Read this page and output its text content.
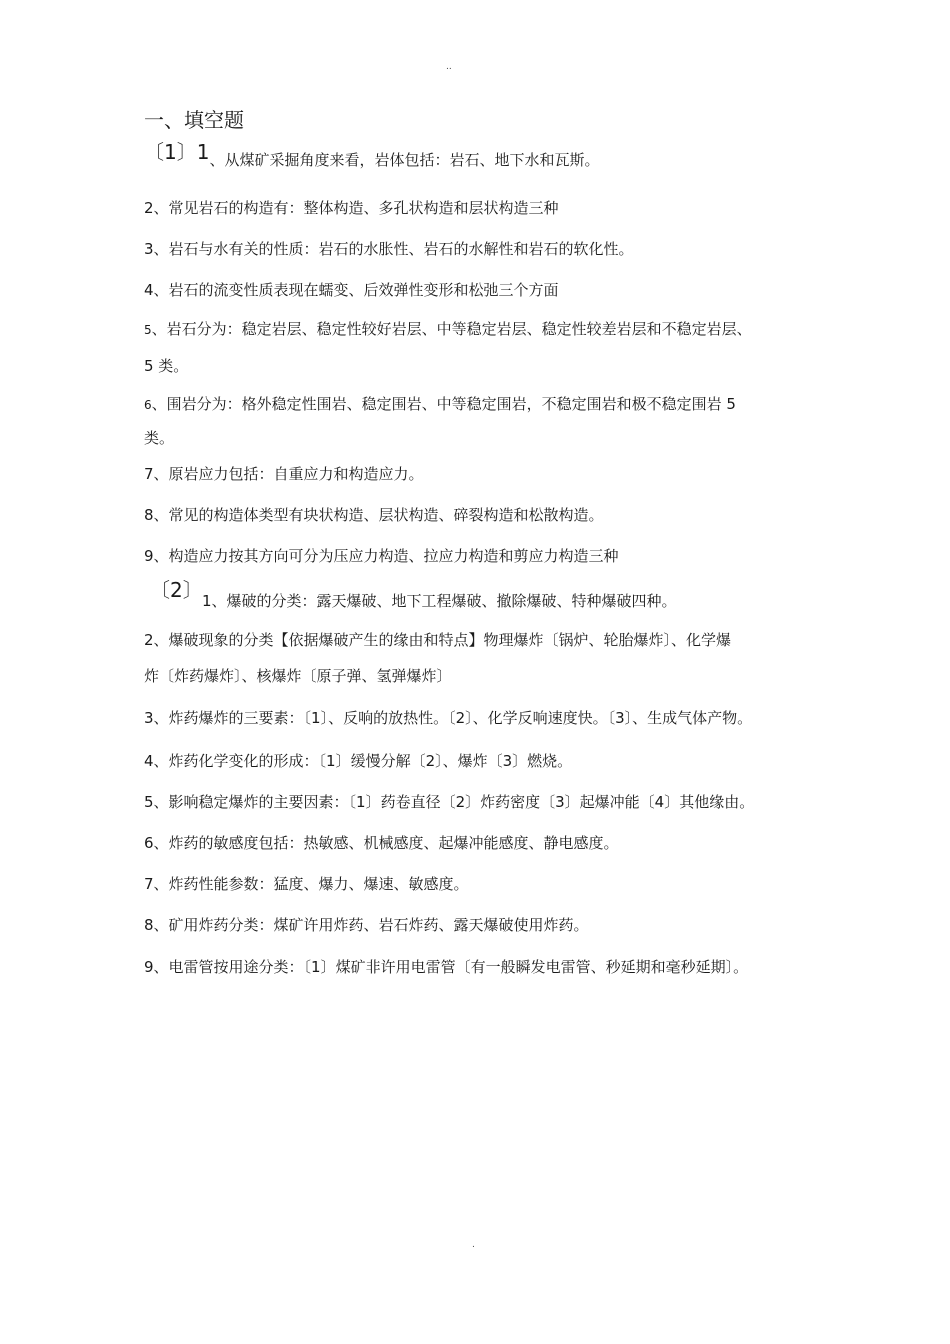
..
一、填空题
〔1〕1、从煤矿采掘角度来看，岩体包括：岩石、地下水和瓦斯。
2、常见岩石的构造有：整体构造、多孔状构造和层状构造三种
3、岩石与水有关的性质：岩石的水胀性、岩石的水解性和岩石的软化性。
4、岩石的流变性质表现在蠕变、后效弹性变形和松弛三个方面
5、岩石分为：稳定岩层、稳定性较好岩层、中等稳定岩层、稳定性较差岩层和不稳定岩层、
5 类。
6、围岩分为：格外稳定性围岩、稳定围岩、中等稳定围岩，不稳定围岩和极不稳定围岩 5
类。
7、原岩应力包括：自重应力和构造应力。
8、常见的构造体类型有块状构造、层状构造、碎裂构造和松散构造。
9、构造应力按其方向可分为压应力构造、拉应力构造和剪应力构造三种
〔2〕 1、爆破的分类：露天爆破、地下工程爆破、撤除爆破、特种爆破四种。
2、爆破现象的分类【依据爆破产生的缘由和特点】物理爆炸〔锅炉、轮胎爆炸〕、化学爆
炸〔炸药爆炸〕、核爆炸〔原子弹、氢弹爆炸〕
3、炸药爆炸的三要素：〔1〕、反响的放热性。〔2〕、化学反响速度快。〔3〕、生成气体产物。
4、炸药化学变化的形成：〔1〕缓慢分解〔2〕、爆炸〔3〕燃烧。
5、影响稳定爆炸的主要因素：〔1〕药卷直径〔2〕炸药密度〔3〕起爆冲能〔4〕其他缘由。
6、炸药的敏感度包括：热敏感、机械感度、起爆冲能感度、静电感度。
7、炸药性能参数：猛度、爆力、爆速、敏感度。
8、矿用炸药分类：煤矿许用炸药、岩石炸药、露天爆破使用炸药。
9、电雷管按用途分类：〔1〕煤矿非许用电雷管〔有一般瞬发电雷管、秒延期和毫秒延期〕。
.
